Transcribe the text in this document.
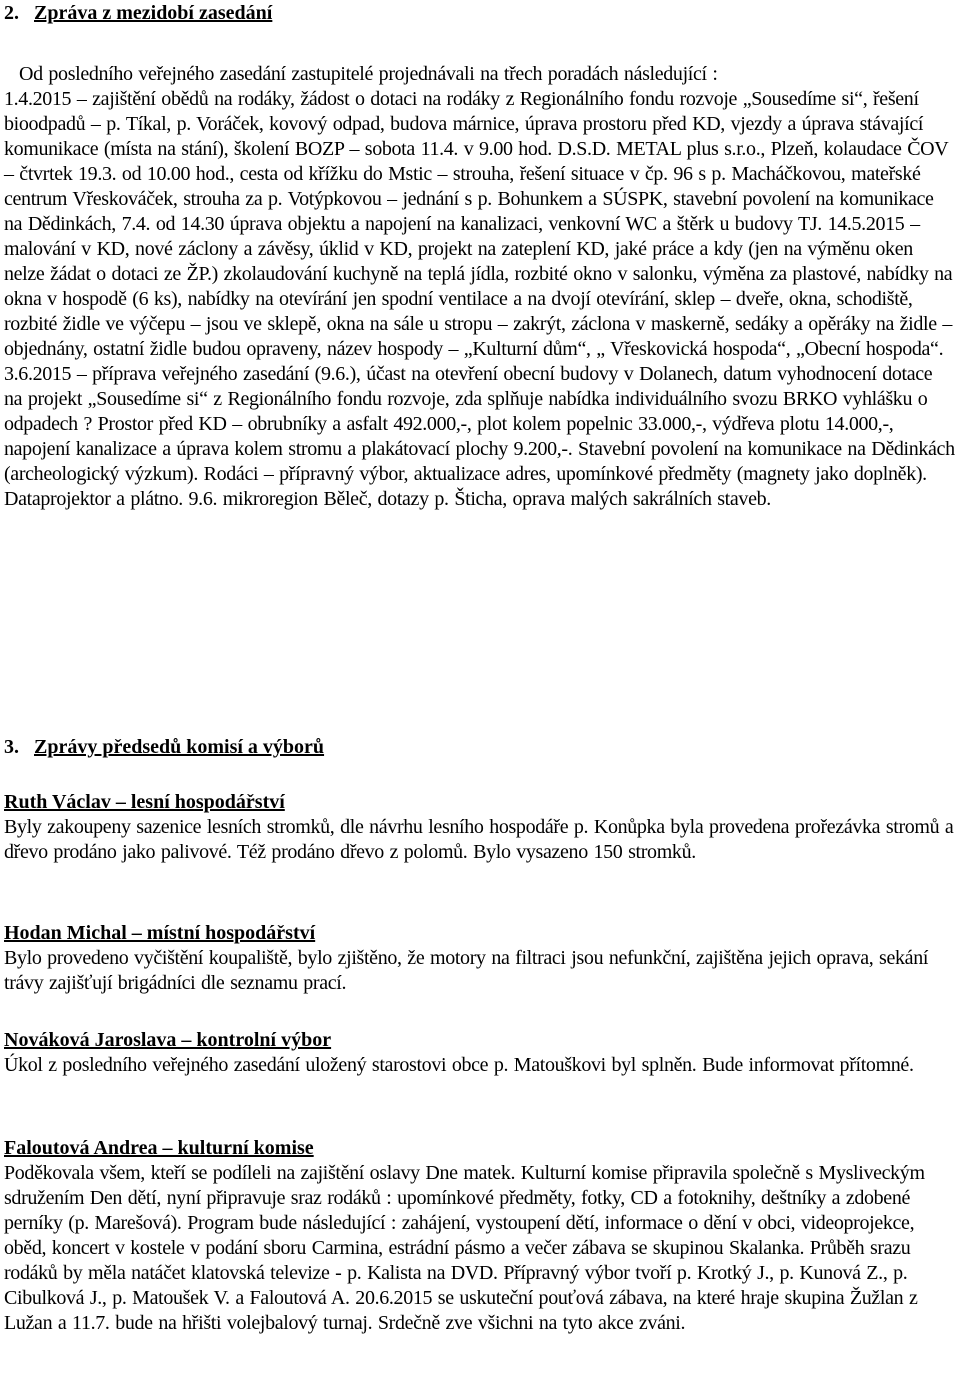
2. Zpráva z mezidobí zasedání

Od posledního veřejného zasedání zastupitelé projednávali na třech poradách následující :

1.4.2015 – zajištění obědů na rodáky, žádost o dotaci na rodáky z Regionálního fondu rozvoje „Sousedíme si“, řešení bioodpadů – p. Tíkal, p. Voráček, kovový odpad, budova márnice, úprava prostoru před KD, vjezdy a úprava stávající komunikace (místa na stání), školení BOZP – sobota 11.4. v 9.00 hod. D.S.D. METAL plus s.r.o., Plzeň, kolaudace ČOV – čtvrtek 19.3. od 10.00 hod., cesta od křížku do Mstic – strouha, řešení situace v čp. 96 s p. Macháčkovou, mateřské centrum Vřeskováček, strouha za p. Votýpkovou – jednání s p. Bohunkem a SÚSPK, stavební povolení na komunikace na Dědinkách, 7.4. od 14.30 úprava objektu a napojení na kanalizaci, venkovní WC a štěrk u budovy TJ. 14.5.2015 – malování v KD, nové záclony a závěsy, úklid v KD, projekt na zateplení KD, jaké práce a kdy (jen na výměnu oken nelze žádat o dotaci ze ŽP.) zkolaudování kuchyně na teplá jídla, rozbité okno v salonku, výměna za plastové, nabídky na okna v hospodě (6 ks), nabídky na otevírání jen spodní ventilace a na dvojí otevírání, sklep – dveře, okna, schodiště, rozbité židle ve výčepu – jsou ve sklepě, okna na sále u stropu – zakrýt, záclona v maskerně, sedáky a opěráky na židle – objednány, ostatní židle budou opraveny, název hospody – „Kulturní dům“, „ Vřeskovická hospoda“, „Obecní hospoda“.

3.6.2015 – příprava veřejného zasedání (9.6.), účast na otevření obecní budovy v Dolanech, datum vyhodnocení dotace na projekt „Sousedíme si“ z Regionálního fondu rozvoje, zda splňuje nabídka individuálního svozu BRKO vyhlášku o odpadech ? Prostor před KD – obrubníky a asfalt 492.000,-, plot kolem popelnic 33.000,-, výdřeva plotu 14.000,-, napojení kanalizace a úprava kolem stromu a plakátovací plochy 9.200,-. Stavební povolení na komunikace na Dědinkách (archeologický výzkum). Rodáci – přípravný výbor, aktualizace adres, upomínkové předměty (magnety jako doplněk). Dataprojektor a plátno. 9.6. mikroregion Běleč, dotazy p. Šticha, oprava malých sakrálních staveb.

3. Zprávy předsedů komisí a výborů

Ruth Václav – lesní hospodářství

Byly zakoupeny sazenice lesních stromků, dle návrhu lesního hospodáře p. Konůpka byla provedena prořezávka stromů a dřevo prodáno jako palivové. Též prodáno dřevo z polomů. Bylo vysazeno 150 stromků.

Hodan Michal – místní hospodářství

Bylo provedeno vyčištění koupaliště, bylo zjištěno, že motory na filtraci jsou nefunkční, zajištěna jejich oprava, sekání trávy zajišťují brigádníci dle seznamu prací.

Nováková Jaroslava – kontrolní výbor

Úkol z posledního veřejného zasedání uložený starostovi obce p. Matouškovi byl splněn. Bude informovat přítomné.

Faloutová Andrea – kulturní komise

Poděkovala všem, kteří se podíleli na zajištění oslavy Dne matek. Kulturní komise připravila společně s Mysliveckým sdružením Den dětí, nyní připravuje sraz rodáků : upomínkové předměty, fotky, CD a fotoknihy, deštníky a zdobené perníky (p. Marešová). Program bude následující : zahájení, vystoupení dětí, informace o dění v obci, videoprojekce, oběd, koncert v kostele v podání sboru Carmina, estrádní pásmo a večer zábava se skupinou Skalanka. Průběh srazu rodáků by měla natáčet klatovská televize - p. Kalista na DVD. Přípravný výbor tvoří p. Krotký J., p. Kunová Z., p. Cibulková J., p. Matoušek V. a Faloutová A. 20.6.2015 se uskuteční pouťová zábava, na které hraje skupina Žužlan z Lužan a 11.7. bude na hřišti volejbalový turnaj. Srdečně zve všichni na tyto akce zváni.
